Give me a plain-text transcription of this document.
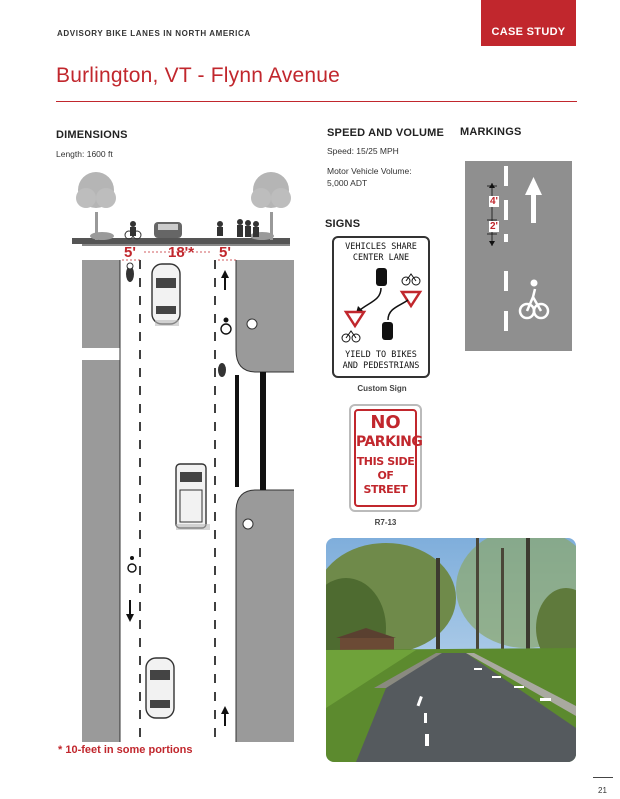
ADVISORY BIKE LANES IN NORTH AMERICA	CASE STUDY
Burlington, VT - Flynn Avenue
DIMENSIONS
Length: 1600 ft
5' 18'* 5'
* 10-feet in some portions
SPEED AND VOLUME
Speed: 15/25 MPH
Motor Vehicle Volume:
5,000 ADT
MARKINGS
4'
2'
SIGNS
VEHICLES SHARE
CENTER LANE
YIELD TO BIKES
AND PEDESTRIANS
Custom Sign
NO
PARKING
THIS SIDE
OF STREET
R7-13
21
